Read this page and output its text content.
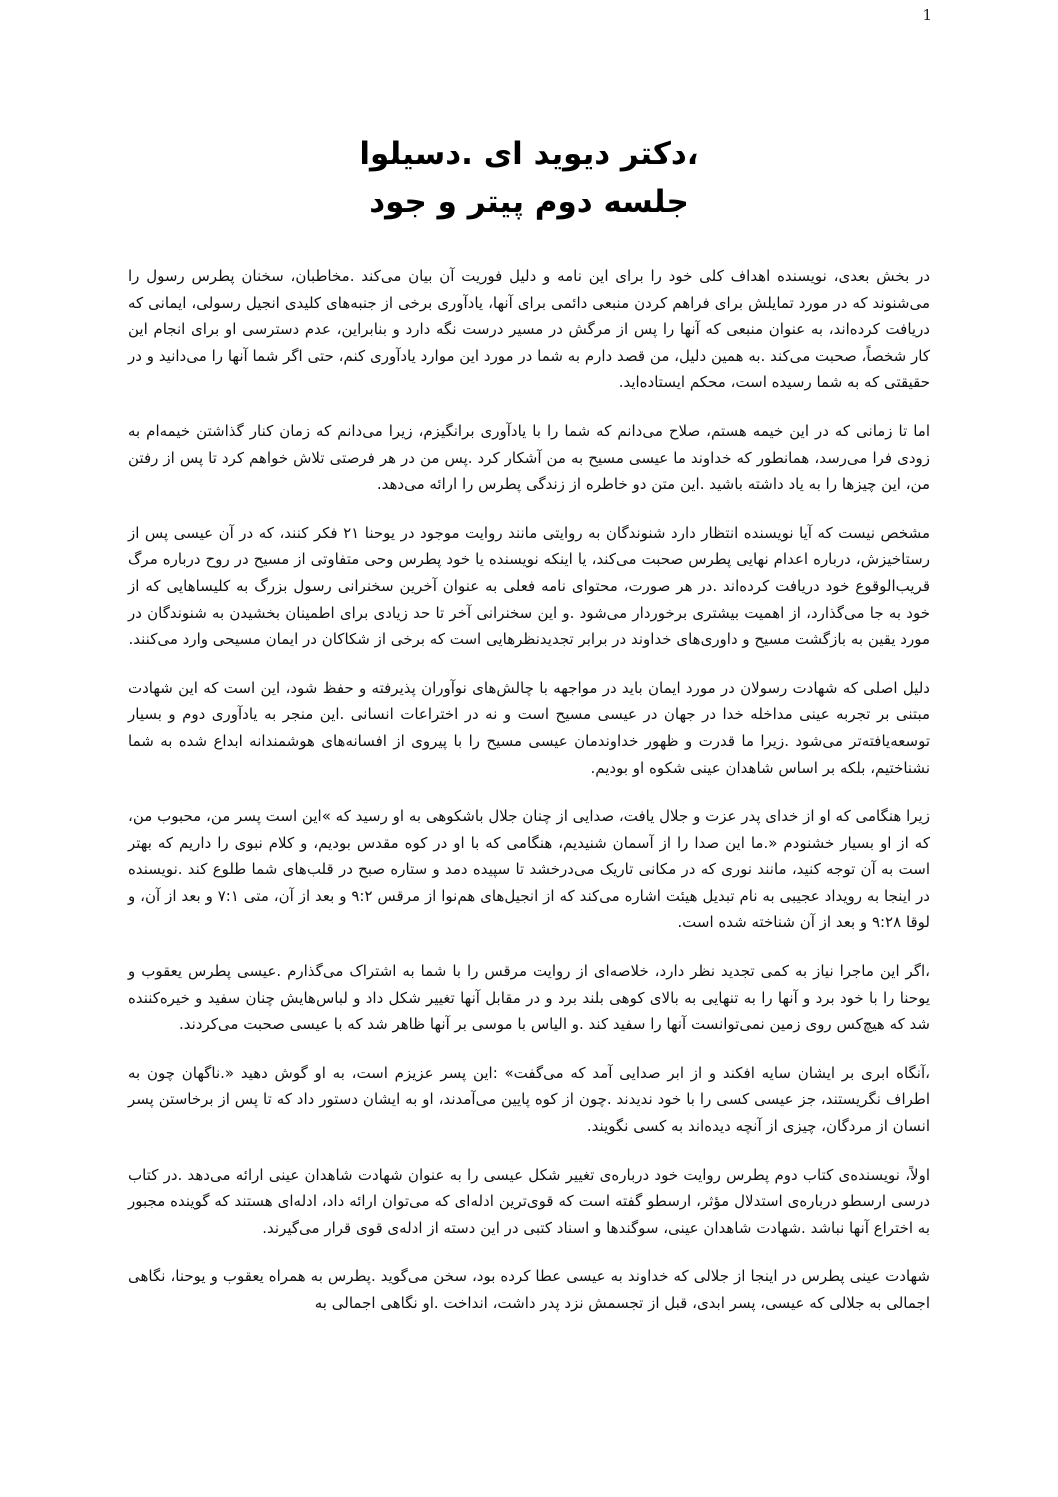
1
،دکتر دیوید ای .دسیلوا
جلسه دوم پیتر و جود

در بخش بعدی، نویسنده اهداف کلی خود را برای این نامه و دلیل فوریت آن بیان می‌کند .مخاطبان، سخنان پطرس رسول را می‌شنوند که در مورد تمایلش برای فراهم کردن منبعی دائمی برای آنها، یادآوری برخی از جنبه‌های کلیدی انجیل رسولی، ایمانی که دریافت کرده‌اند، به عنوان منبعی که آنها را پس از مرگش در مسیر درست نگه دارد و بنابراین، عدم دسترسی او برای انجام این کار شخصاً، صحبت می‌کند .به همین دلیل، من قصد دارم به شما در مورد این موارد یادآوری کنم، حتی اگر شما آنها را می‌دانید و در حقیقتی که به شما رسیده است، محکم ایستاده‌اید.

اما تا زمانی که در این خیمه هستم، صلاح می‌دانم که شما را با یادآوری برانگیزم، زیرا می‌دانم که زمان کنار گذاشتن خیمه‌ام به زودی فرا می‌رسد، همانطور که خداوند ما عیسی مسیح به من آشکار کرد .پس من در هر فرصتی تلاش خواهم کرد تا پس از رفتن من، این چیزها را به یاد داشته باشید .این متن دو خاطره از زندگی پطرس را ارائه می‌دهد.

مشخص نیست که آیا نویسنده انتظار دارد شنوندگان به روایتی مانند روایت موجود در یوحنا ۲۱ فکر کنند، که در آن عیسی پس از رستاخیزش، درباره اعدام نهایی پطرس صحبت می‌کند، یا اینکه نویسنده یا خود پطرس وحی متفاوتی از مسیح در روح درباره مرگ قریب‌الوقوع خود دریافت کرده‌اند .در هر صورت، محتوای نامه فعلی به عنوان آخرین سخنرانی رسول بزرگ به کلیساهایی که از خود به جا می‌گذارد، از اهمیت بیشتری برخوردار می‌شود .و این سخنرانی آخر تا حد زیادی برای اطمینان بخشیدن به شنوندگان در مورد یقین به بازگشت مسیح و داوری‌های خداوند در برابر تجدیدنظرهایی است که برخی از شکاکان در ایمان مسیحی وارد می‌کنند.

دلیل اصلی که شهادت رسولان در مورد ایمان باید در مواجهه با چالش‌های نوآوران پذیرفته و حفظ شود، این است که این شهادت مبتنی بر تجربه عینی مداخله خدا در جهان در عیسی مسیح است و نه در اختراعات انسانی .این منجر به یادآوری دوم و بسیار توسعه‌یافته‌تر می‌شود .زیرا ما قدرت و ظهور خداوندمان عیسی مسیح را با پیروی از افسانه‌های هوشمندانه ابداع شده به شما نشناختیم، بلکه بر اساس شاهدان عینی شکوه او بودیم.

زیرا هنگامی که او از خدای پدر عزت و جلال یافت، صدایی از چنان جلال باشکوهی به او رسید که »این است پسر من، محبوب من، که از او بسیار خشنودم «.ما این صدا را از آسمان شنیدیم، هنگامی که با او در کوه مقدس بودیم، و کلام نبوی را داریم که بهتر است به آن توجه کنید، مانند نوری که در مکانی تاریک می‌درخشد تا سپیده دمد و ستاره صبح در قلب‌های شما طلوع کند .نویسنده در اینجا به رویداد عجیبی به نام تبدیل هیئت اشاره می‌کند که از انجیل‌های هم‌نوا از مرقس ۹:۲ و بعد از آن، متی ۷:۱ و بعد از آن، و لوقا ۹:۲۸ و بعد از آن شناخته شده است.

،اگر این ماجرا نیاز به کمی تجدید نظر دارد، خلاصه‌ای از روایت مرقس را با شما به اشتراک می‌گذارم .عیسی پطرس یعقوب و یوحنا را با خود برد و آنها را به تنهایی به بالای کوهی بلند برد و در مقابل آنها تغییر شکل داد و لباس‌هایش چنان سفید و خیره‌کننده شد که هیچ‌کس روی زمین نمی‌توانست آنها را سفید کند .و الیاس با موسی بر آنها ظاهر شد که با عیسی صحبت می‌کردند.

،آنگاه ابری بر ایشان سایه افکند و از ابر صدایی آمد که می‌گفت» :این پسر عزیزم است، به او گوش دهید «.ناگهان چون به اطراف نگریستند، جز عیسی کسی را با خود ندیدند .چون از کوه پایین می‌آمدند، او به ایشان دستور داد که تا پس از برخاستن پسر انسان از مردگان، چیزی از آنچه دیده‌اند به کسی نگویند.

اولاً، نویسنده‌ی کتاب دوم پطرس روایت خود درباره‌ی تغییر شکل عیسی را به عنوان شهادت شاهدان عینی ارائه می‌دهد .در کتاب درسی ارسطو درباره‌ی استدلال مؤثر، ارسطو گفته است که قوی‌ترین ادله‌ای که می‌توان ارائه داد، ادله‌ای هستند که گوینده مجبور به اختراع آنها نباشد .شهادت شاهدان عینی، سوگندها و اسناد کتبی در این دسته از ادله‌ی قوی قرار می‌گیرند.

شهادت عینی پطرس در اینجا از جلالی که خداوند به عیسی عطا کرده بود، سخن می‌گوید .پطرس به همراه یعقوب و یوحنا، نگاهی اجمالی به جلالی که عیسی، پسر ابدی، قبل از تجسمش نزد پدر داشت، انداخت .او نگاهی اجمالی به
